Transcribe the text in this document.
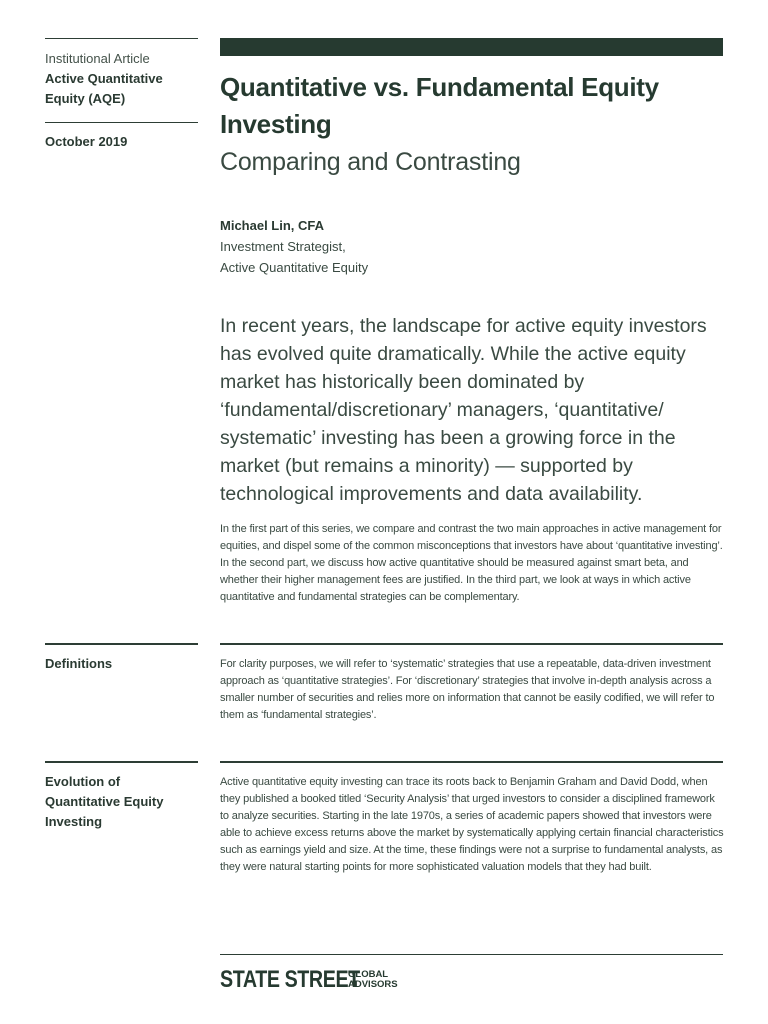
Institutional Article
Active Quantitative Equity (AQE)
October 2019
Quantitative vs. Fundamental Equity Investing
Comparing and Contrasting
Michael Lin, CFA
Investment Strategist,
Active Quantitative Equity

In recent years, the landscape for active equity investors has evolved quite dramatically. While the active equity market has historically been dominated by ‘fundamental/discretionary’ managers, ‘quantitative/ systematic’ investing has been a growing force in the market (but remains a minority) — supported by technological improvements and data availability.

In the first part of this series, we compare and contrast the two main approaches in active management for equities, and dispel some of the common misconceptions that investors have about ‘quantitative investing’. In the second part, we discuss how active quantitative should be measured against smart beta, and whether their higher management fees are justified. In the third part, we look at ways in which active quantitative and fundamental strategies can be complementary.

Definitions	For clarity purposes, we will refer to ‘systematic’ strategies that use a repeatable, data-driven investment approach as ‘quantitative strategies’. For ‘discretionary’ strategies that involve in-depth analysis across a smaller number of securities and relies more on information that cannot be easily codified, we will refer to them as ‘fundamental strategies’.

Evolution of Quantitative Equity Investing

Active quantitative equity investing can trace its roots back to Benjamin Graham and David Dodd, when they published a booked titled ‘Security Analysis’ that urged investors to consider a disciplined framework to analyze securities. Starting in the late 1970s, a series of academic papers showed that investors were able to achieve excess returns above the market by systematically applying certain financial characteristics such as earnings yield and size. At the time, these findings were not a surprise to fundamental analysts, as they were natural starting points for more sophisticated valuation models that they had built.

STATE STREET
GLOBAL
ADVISORS
